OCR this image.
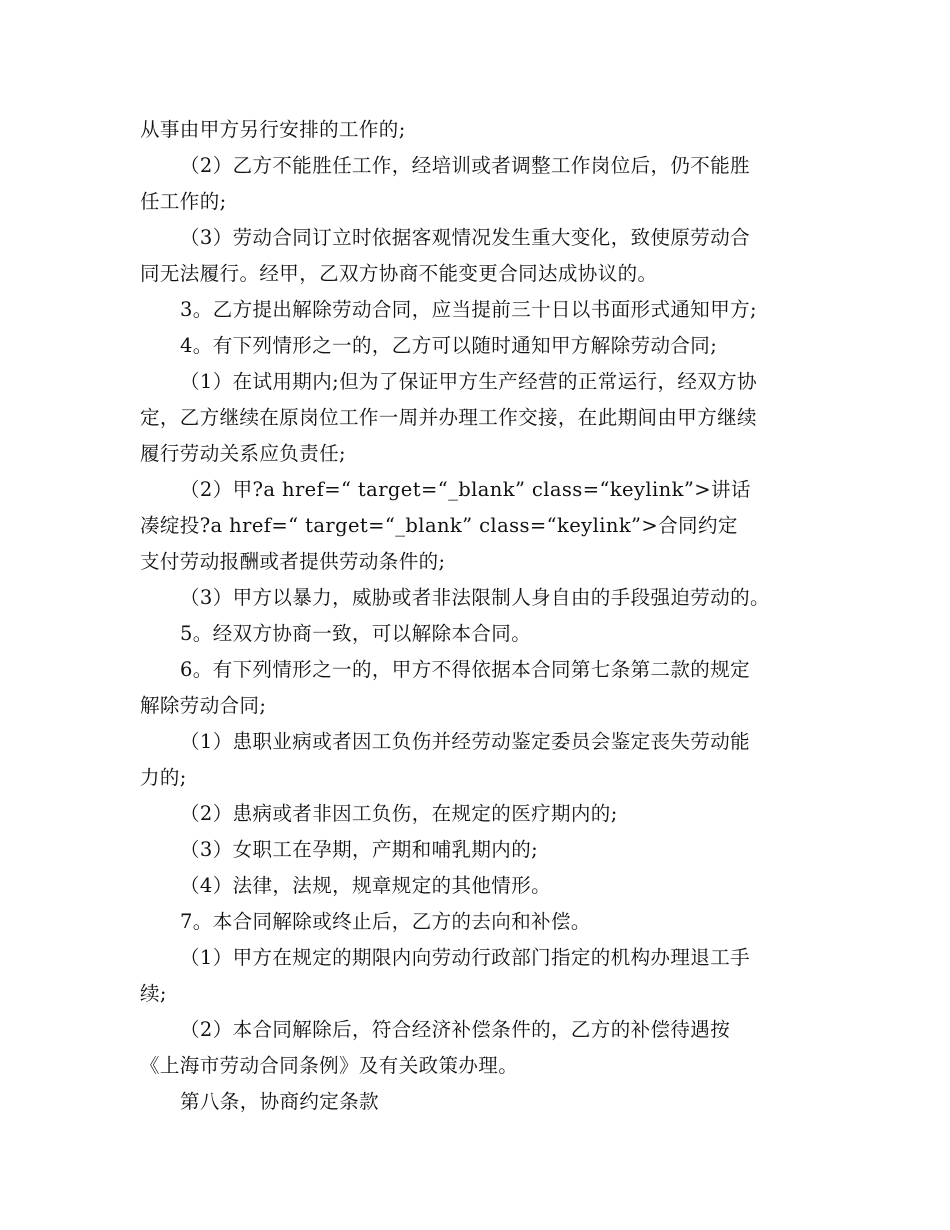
从事由甲方另行安排的工作的;
（2）乙方不能胜任工作，经培训或者调整工作岗位后，仍不能胜
任工作的;
（3）劳动合同订立时依据客观情况发生重大变化，致使原劳动合
同无法履行。经甲，乙双方协商不能变更合同达成协议的。
3。乙方提出解除劳动合同，应当提前三十日以书面形式通知甲方;
4。有下列情形之一的，乙方可以随时通知甲方解除劳动合同;
（1）在试用期内;但为了保证甲方生产经营的正常运行，经双方协
定，乙方继续在原岗位工作一周并办理工作交接，在此期间由甲方继续
履行劳动关系应负责任;
（2）甲?a href=“ target=“_blank” class=“keylink”>讲话
凑绽投?a href=“ target=“_blank” class=“keylink”>合同约定
支付劳动报酬或者提供劳动条件的;
（3）甲方以暴力，威胁或者非法限制人身自由的手段强迫劳动的。
5。经双方协商一致，可以解除本合同。
6。有下列情形之一的，甲方不得依据本合同第七条第二款的规定
解除劳动合同;
（1）患职业病或者因工负伤并经劳动鉴定委员会鉴定丧失劳动能
力的;
（2）患病或者非因工负伤，在规定的医疗期内的;
（3）女职工在孕期，产期和哺乳期内的;
（4）法律，法规，规章规定的其他情形。
7。本合同解除或终止后，乙方的去向和补偿。
（1）甲方在规定的期限内向劳动行政部门指定的机构办理退工手
续;
（2）本合同解除后，符合经济补偿条件的，乙方的补偿待遇按
《上海市劳动合同条例》及有关政策办理。
第八条，协商约定条款
